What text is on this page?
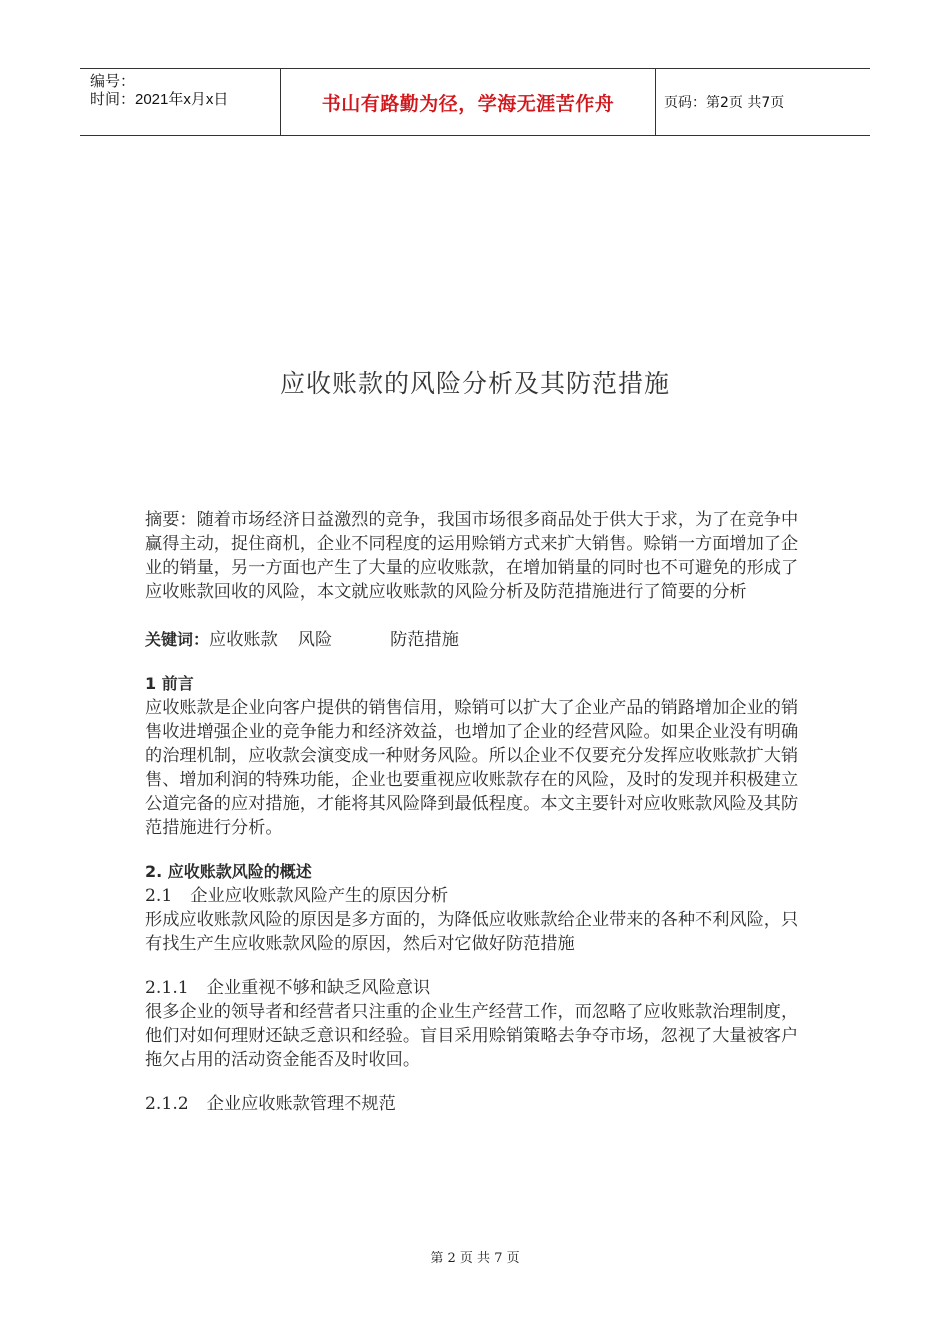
编号：
时间：2021年x月x日	书山有路勤为径，学海无涯苦作舟	页码：第2页 共7页
应收账款的风险分析及其防范措施

摘要：随着市场经济日益激烈的竞争，我国市场很多商品处于供大于求，为了在竞争中赢得主动，捉住商机，企业不同程度的运用赊销方式来扩大销售。赊销一方面增加了企业的销量，另一方面也产生了大量的应收账款，在增加销量的同时也不可避免的形成了应收账款回收的风险，本文就应收账款的风险分析及防范措施进行了简要的分析

关键词：应收账款 风险	防范措施

1 前言

应收账款是企业向客户提供的销售信用，赊销可以扩大了企业产品的销路增加企业的销售收进增强企业的竞争能力和经济效益，也增加了企业的经营风险。如果企业没有明确的治理机制，应收款会演变成一种财务风险。所以企业不仅要充分发挥应收账款扩大销售、增加利润的特殊功能，企业也要重视应收账款存在的风险，及时的发现并积极建立公道完备的应对措施，才能将其风险降到最低程度。本文主要针对应收账款风险及其防范措施进行分析。

2. 应收账款风险的概述

2.1 企业应收账款风险产生的原因分析

形成应收账款风险的原因是多方面的，为降低应收账款给企业带来的各种不利风险，只有找生产生应收账款风险的原因，然后对它做好防范措施

2.1.1 企业重视不够和缺乏风险意识

很多企业的领导者和经营者只注重的企业生产经营工作，而忽略了应收账款治理制度，他们对如何理财还缺乏意识和经验。盲目采用赊销策略去争夺市场，忽视了大量被客户拖欠占用的活动资金能否及时收回。

2.1.2 企业应收账款管理不规范

第 2 页 共 7 页
